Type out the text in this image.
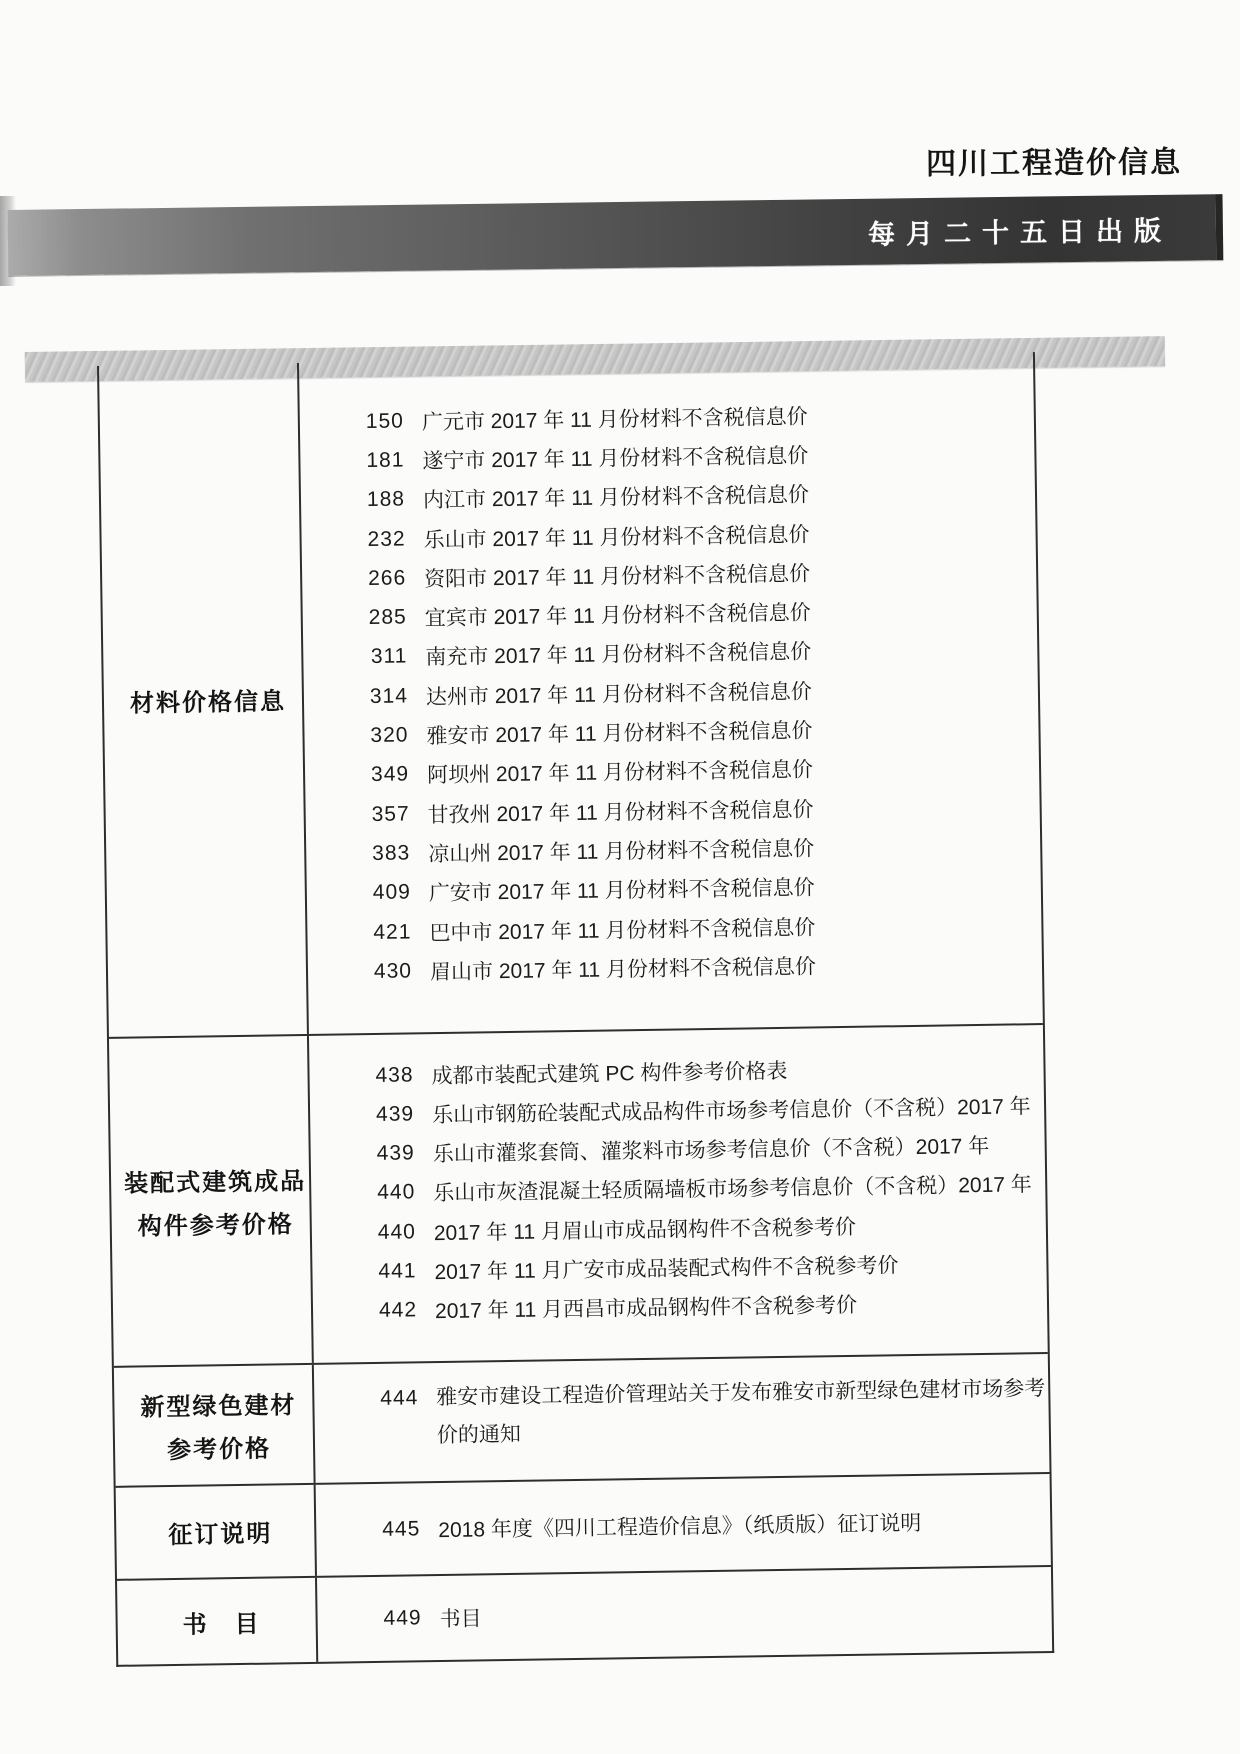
四川工程造价信息
每月二十五日出版
材料价格信息
150 广元市 2017 年 11 月份材料不含税信息价
181 遂宁市 2017 年 11 月份材料不含税信息价
188 内江市 2017 年 11 月份材料不含税信息价
232 乐山市 2017 年 11 月份材料不含税信息价
266 资阳市 2017 年 11 月份材料不含税信息价
285 宜宾市 2017 年 11 月份材料不含税信息价
311 南充市 2017 年 11 月份材料不含税信息价
314 达州市 2017 年 11 月份材料不含税信息价
320 雅安市 2017 年 11 月份材料不含税信息价
349 阿坝州 2017 年 11 月份材料不含税信息价
357 甘孜州 2017 年 11 月份材料不含税信息价
383 凉山州 2017 年 11 月份材料不含税信息价
409 广安市 2017 年 11 月份材料不含税信息价
421 巴中市 2017 年 11 月份材料不含税信息价
430 眉山市 2017 年 11 月份材料不含税信息价
装配式建筑成品
构件参考价格
438 成都市装配式建筑 PC 构件参考价格表
439 乐山市钢筋砼装配式成品构件市场参考信息价（不含税）2017 年
439 乐山市灌浆套筒、灌浆料市场参考信息价（不含税）2017 年
440 乐山市灰渣混凝土轻质隔墙板市场参考信息价（不含税）2017 年
440 2017 年 11 月眉山市成品钢构件不含税参考价
441 2017 年 11 月广安市成品装配式构件不含税参考价
442 2017 年 11 月西昌市成品钢构件不含税参考价
新型绿色建材
参考价格
444 雅安市建设工程造价管理站关于发布雅安市新型绿色建材市场参考
价的通知
征订说明	445 2018 年度《四川工程造价信息》（纸质版）征订说明
书　目	449 书目
